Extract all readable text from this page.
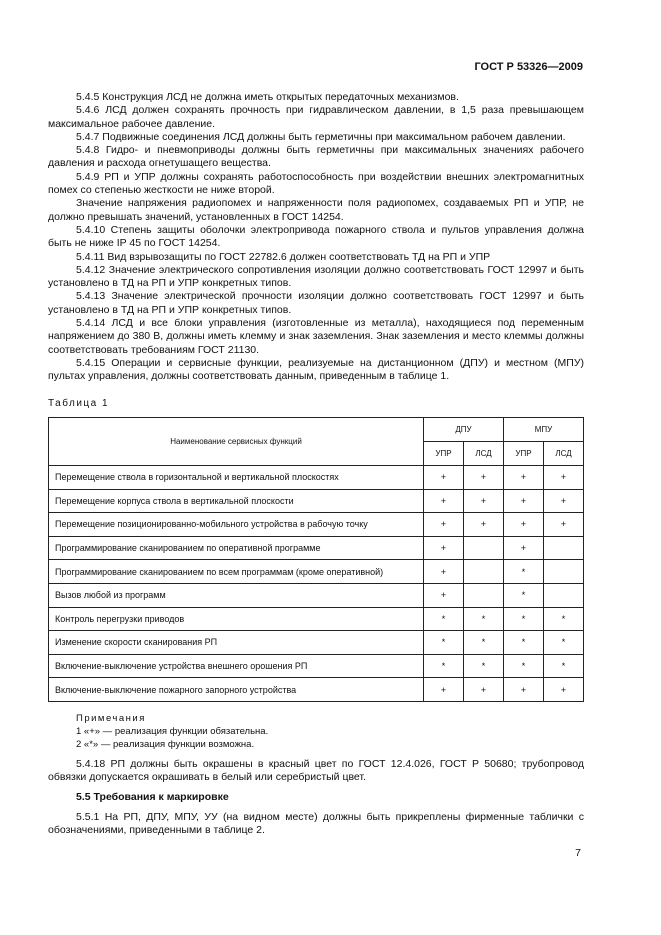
ГОСТ Р 53326—2009

5.4.5 Конструкция ЛСД не должна иметь открытых передаточных механизмов.

5.4.6 ЛСД должен сохранять прочность при гидравлическом давлении, в 1,5 раза превышающем максимальное рабочее давление.

5.4.7 Подвижные соединения ЛСД должны быть герметичны при максимальном рабочем давлении.

5.4.8 Гидро- и пневмоприводы должны быть герметичны при максимальных значениях рабочего давления и расхода огнетушащего вещества.

5.4.9 РП и УПР должны сохранять работоспособность при воздействии внешних электромагнитных помех со степенью жесткости не ниже второй.

Значение напряжения радиопомех и напряженности поля радиопомех, создаваемых РП и УПР, не должно превышать значений, установленных в ГОСТ 14254.

5.4.10 Степень защиты оболочки электропривода пожарного ствола и пультов управления должна быть не ниже IP 45 по ГОСТ 14254.

5.4.11 Вид взрывозащиты по ГОСТ 22782.6 должен соответствовать ТД на РП и УПР

5.4.12 Значение электрического сопротивления изоляции должно соответствовать ГОСТ 12997 и быть установлено в ТД на РП и УПР конкретных типов.

5.4.13 Значение электрической прочности изоляции должно соответствовать ГОСТ 12997 и быть установлено в ТД на РП и УПР конкретных типов.

5.4.14 ЛСД и все блоки управления (изготовленные из металла), находящиеся под переменным напряжением до 380 В, должны иметь клемму и знак заземления. Знак заземления и место клеммы должны соответствовать требованиям ГОСТ 21130.

5.4.15 Операции и сервисные функции, реализуемые на дистанционном (ДПУ) и местном (МПУ) пультах управления, должны соответствовать данным, приведенным в таблице 1.

Таблица 1
Наименование сервисных функций	ДПУ		МПУ	
	УПР	ЛСД	УПР	ЛСД
Перемещение ствола в горизонтальной и вертикальной плоскостях	+	+	+	+
Перемещение корпуса ствола в вертикальной плоскости	+	+	+	+
Перемещение позиционированно-мобильного устройства в рабочую точку	+	+	+	+
Программирование сканированием по оперативной программе	+		+	
Программирование сканированием по всем программам (кроме оперативной)	+		*	
Вызов любой из программ	+		*	
Контроль перегрузки приводов	*	*	*	*
Изменение скорости сканирования РП	*	*	*	*
Включение-выключение устройства внешнего орошения РП	*	*	*	*
Включение-выключение пожарного запорного устройства	+	+	+	+
Примечания
1 «+» — реализация функции обязательна.
2 «*» — реализация функции возможна.

5.4.18 РП должны быть окрашены в красный цвет по ГОСТ 12.4.026, ГОСТ Р 50680; трубопровод обвязки допускается окрашивать в белый или серебристый цвет.

5.5 Требования к маркировке

5.5.1 На РП, ДПУ, МПУ, УУ (на видном месте) должны быть прикреплены фирменные таблички с обозначениями, приведенными в таблице 2.

7
